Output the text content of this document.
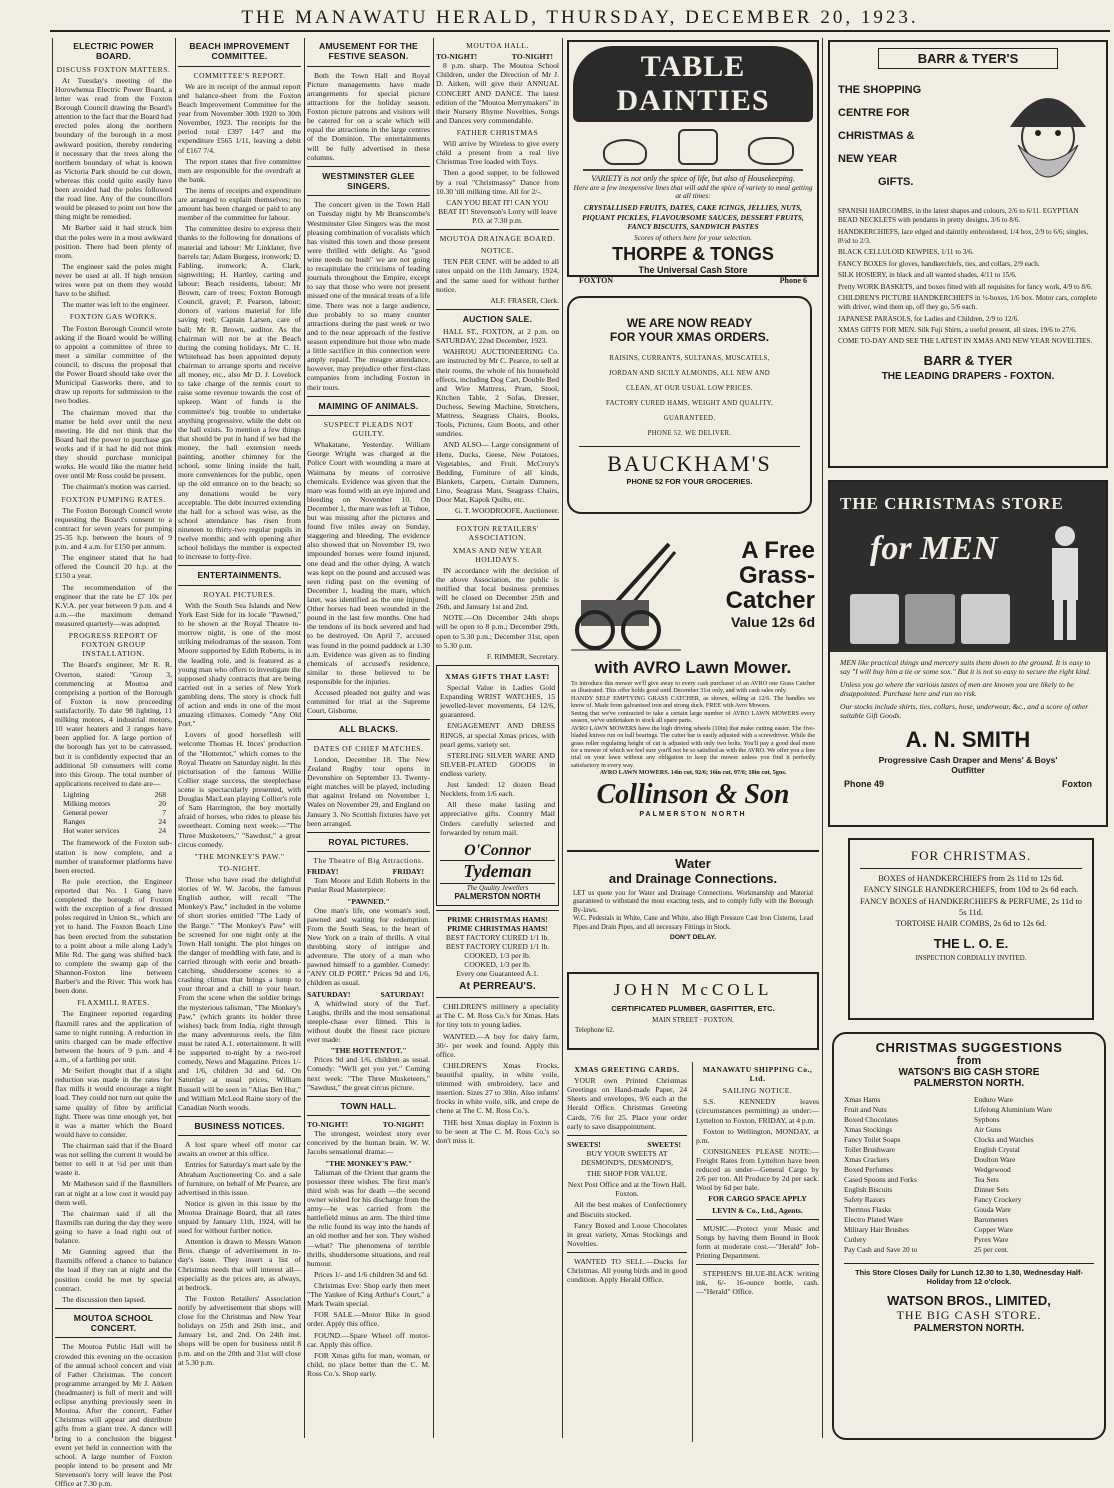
THE MANAWATU HERALD, THURSDAY, DECEMBER 20, 1923.
ELECTRIC POWER BOARD.
DISCUSS FOXTON MATTERS.

At Tuesday's meeting of the Horowhenua Electric Power Board, a letter was read from the Foxton Borough Council drawing the Board's attention to the fact that the Board had erected poles along the northern boundary of the borough in a most awkward position, thereby rendering it necessary that the trees along the northern boundary of what is known as Victoria Park should be cut down, whereas this could quite easily have been avoided had the poles followed the road line. Any of the councillors would be pleased to point out how the thing might be remedied.

Mr Barber said it had struck him that the poles were in a most awkward position. There had been plenty of room.

The engineer said the poles might never be used at all. If high tension wires were put on them they would have to be shifted.

The matter was left to the engineer.

FOXTON GAS WORKS.

The Foxton Borough Council wrote asking if the Board would be willing to appoint a committee of three to meet a similar committee of the council, to discuss the proposal that the Power Board should take over the Municipal Gasworks there, and to draw up reports for submission to the two bodies.

The chairman moved that the matter be held over until the next meeting. He did not think that the Board had the power to purchase gas works and if it had he did not think they should purchase municipal works. He would like the matter held over until Mr Ross could be present.

The chairman's motion was carried.

FOXTON PUMPING RATES.

The Foxton Borough Council wrote requesting the Board's consent to a contract for seven years for pumping 25-35 h.p. between the hours of 9 p.m. and 4 a.m. for £150 per annum.

The engineer stated that he had offered the Council 20 h.p. at the £150 a year.

The recommendation of the engineer that the rate be £7 10s per K.V.A. per year between 9 p.m. and 4 a.m.—the maximum demand measured quarterly—was adopted.

PROGRESS REPORT OF FOXTON GROUP INSTALLATION.

The Board's engineer, Mr R. R. Overton, stated: "Group 3, commencing at Moutoa and comprising a portion of the Borough of Foxton is now proceeding satisfactorily. To date 98 lighting, 11 milking motors, 4 industrial motors, 10 water heaters and 3 ranges have been applied for. A large portion of the borough has yet to be canvassed, but it is confidently expected that an additional 50 consumers will come into this Group. The total number of applications received to date are—

Lighting	268
Milking motors	20
General power	7
Ranges	24
Hot water services	24

The framework of the Foxton sub-station is now complete, and a number of transformer platforms have been erected.

Re pole erection, the Engineer reported that No. 1 Gang have completed the borough of Foxton with the exception of a few dressed poles required in Union St., which are yet to hand. The Foxton Beach Line has been erected from the substation to a point about a mile along Lady's Mile Rd. The gang was shifted back to complete the swamp gap of the Shannon-Foxton line between Barber's and the River. This work has been done.

FLAXMILL RATES.

The Engineer reported regarding flaxmill rates and the application of same to night running. A reduction in units charged can be made effective between the hours of 9 p.m. and 4 a.m., of a farthing per unit.

Mr Seifert thought that if a slight reduction was made in the rates for flax mills it would encourage a night load. They could not turn out quite the same quality of fibre by artificial light. There was time enough yet, but it was a matter which the Board would have to consider.

The chairman said that if the Board was not selling the current it would be better to sell it at ½d per unit than waste it.

Mr Matheson said if the flaxmillers ran at night at a low cost it would pay them well.

The chairman said if all the flaxmills ran during the day they were going to have a load right out of balance.

Mr Gunning agreed that the flaxmills offered a chance to balance the load if they ran at night and the position could be met by special contract.

The discussion then lapsed.

MOUTOA SCHOOL CONCERT.

The Moutoa Public Hall will be crowded this evening on the occasion of the annual school concert and visit of Father Christmas. The concert programme arranged by Mr J. Aitken (headmaster) is full of merit and will eclipse anything previously seen in Moutoa. After the concert, Father Christmas will appear and distribute gifts from a giant tree. A dance will bring to a conclusion the biggest event yet held in connection with the school. A large number of Foxton people intend to be present and Mr Stevenson's lorry will leave the Post Office at 7.30 p.m.

BEACH IMPROVEMENT COMMITTEE.
COMMITTEE'S REPORT.

We are in receipt of the annual report and balance-sheet from the Foxton Beach Improvement Committee for the year from November 30th 1920 to 30th November, 1923. The receipts for the period total £397 14/7 and the expenditure £565 1/11, leaving a debit of £167 7/4.

The report states that five committee men are responsible for the overdraft at the bank.

The items of receipts and expenditure are arranged to explain themselves; no amount has been charged or paid to any member of the committee for labour.

The committee desire to express their thanks to the following for donations of material and labour: Mr Linklater, five barrels tar; Adam Burgess, ironwork; D. Fabling, ironwork; A. Clark, signwriting; H. Hartley, carting and labour; Beach residents, labour; Mr Brown, care of trees; Foxton Borough Council, gravel; P. Pearson, labour; donors of various material for life saving reel; Captain Larsen, care of ball; Mr R. Brown, auditor. As the chairman will not be at the Beach during the coming holidays, Mr C. H. Whitehead has been appointed deputy chairman to arrange sports and receive all money, etc., also Mr D. J. Lovelock to take charge of the tennis court to raise some revenue towards the cost of upkeep. Want of funds is the committee's big trouble to undertake anything progressive, while the debt on the hall exists. To mention a few things that should be put in hand if we had the money, the hall extension needs painting, another chimney for the school, some lining inside the hall, more conveniences for the public, open up the old entrance on to the beach; so any donations would be very acceptable. The debt incurred extending the hall for a school was wise, as the school attendance has risen from nineteen to thirty-two regular pupils in twelve months; and with opening after school holidays the number is expected to increase to forty-five.

ENTERTAINMENTS.
ROYAL PICTURES.

With the South Sea Islands and New York East Side for its locale "Pawned," to be shown at the Royal Theatre to-morrow night, is one of the most striking melodramas of the season. Tom Moore supported by Edith Roberts, is in the leading role, and is featured as a young man who offers to investigate the supposed shady contracts that are being carried out in a series of New York gambling dens. The story is chock full of action and ends in one of the most amazing climaxes. Comedy "Any Old Port."

Lovers of good horseflesh will welcome Thomas H. Inces' production of the "Hottentot," which comes to the Royal Theatre on Saturday night. In this picturisation of the famous Willie Collier stage success, the steeplechase scene is spectacularly presented, with Douglas MacLean playing Collier's role of Sam Harrington, the boy mortally afraid of horses, who rides to please his sweetheart. Coming next week:—"The Three Musketeers," "Sawdust," a great circus comedy.

"THE MONKEY'S PAW."
TO-NIGHT.

Those who have read the delightful stories of W. W. Jacobs, the famous English author, will recall "The Monkey's Paw," included in the volume of short stories entitled "The Lady of the Barge." "The Monkey's Paw" will be screened for one night only at the Town Hall tonight. The plot hinges on the danger of meddling with fate, and is carried through with eerie and breath-catching, shuddersome scenes to a crashing climax that brings a lump to your throat and a chill to your heart. From the scene when the soldier brings the mysterious talisman, "The Monkey's Paw," (which grants its holder three wishes) back from India, right through the many adventurous reels, the film must be rated A.1. entertainment. It will be supported to-night by a two-reel comedy, News and Magazine. Prices 1/- and 1/6, children 3d and 6d. On Saturday at usual prices, William Russell will be seen in "Alias Ben Hur," and William McLeod Raine story of the Canadian North woods.

BUSINESS NOTICES.

A lost spare wheel off motor car awaits an owner at this office.

Entries for Saturday's mart sale by the Abraham Auctioneering Co. and a sale of furniture, on behalf of Mr Pearce, are advertised in this issue.

Notice is given in this issue by the Moutoa Drainage Board, that all rates unpaid by January 11th, 1924, will be sued for without further notice.

Attention is drawn to Messrs Watson Bros. change of advertisement in to-day's issue. They insert a list of Christmas needs that will interest all—especially as the prices are, as always, at bedrock.

The Foxton Retailers' Association notify by advertisement that shops will close for the Christmas and New Year holidays on 25th and 26th inst., and January 1st, and 2nd. On 24th inst. shops will be open for business until 8 p.m. and on the 20th and 31st will close at 5.30 p.m.

AMUSEMENT FOR THE FESTIVE SEASON.

Both the Town Hall and Royal Picture managements have made arrangements for special picture attractions for the holiday season. Foxton picture patrons and visitors will be catered for on a scale which will equal the attractions in the large centres of the Dominion. The entertainments will be fully advertised in these columns.

WESTMINSTER GLEE SINGERS.

The concert given in the Town Hall on Tuesday night by Mr Branscombe's Westminster Glee Singers was the most pleasing combination of vocalists which has visited this town and those present were thrilled with delight. As "good wine needs no bush" we are not going to recapitulate the criticisms of leading journals throughout the Empire, except to say that those who were not present missed one of the musical treats of a life time. There was not a large audience, due probably to so many counter attractions during the past week or two and to the near approach of the festive season expenditure but those who made a little sacrifice in this connection were amply repaid. The meagre attendance, however, may prejudice other first-class companies from including Foxton in their tours.

MAIMING OF ANIMALS.
SUSPECT PLEADS NOT GUILTY.

Whakatane, Yesterday. William George Wright was charged at the Police Court with wounding a mare at Waimana by means of corrosive chemicals. Evidence was given that the mare was found with an eye injured and bleeding on November 10. On December 1, the mare was left at Tuhoe, but was missing after the pictures and found five miles away on Sunday, staggering and bleeding. The evidence also showed that on November 19, two impounded horses were found injured, one dead and the other dying. A watch was kept on the pound and accused was seen riding past on the evening of December 1, leading the mare, which later, was identified as the one injured. Other horses had been wounded in the pound in the last few months. One had the tendons of its hock severed and had to be destroyed. On April 7, accused was found in the pound paddock at 1.30 a.m. Evidence was given as to finding chemicals of accused's residence, similar to those believed to be responsible for the injuries.

Accused pleaded not guilty and was committed for trial at the Supreme Court, Gisborne.

ALL BLACKS.
DATES OF CHIEF MATCHES.

London, December 18. The New Zealand Rugby tour opens in Devonshire on September 13. Twenty-eight matches will be played, including that against Ireland on November 1, Wales on November 29, and England on January 3. No Scottish fixtures have yet been arranged.

ROYAL PICTURES.
The Theatre of Big Attractions.
FRIDAY!	FRIDAY!

Tom Moore and Edith Roberts in the Punlar Read Masterpiece:

"PAWNED."

One man's life, one woman's soul, pawned and waiting for redemption. From the South Seas, to the heart of New York on a train of thrills. A vital throbbing story of intrigue and adventure. The story of a man who pawned himself to a gambler. Comedy: "ANY OLD PORT." Prices 9d and 1/6, children as usual.

SATURDAY!	SATURDAY!

A whirlwind story of the Turf. Laughs, thrills and the most sensational steeple-chase ever filmed. This is without doubt the finest race picture ever made:

"THE HOTTENTOT."

Prices 9d and 1/6, children as usual. Comedy: "We'll get you yet." Coming next week: "The Three Musketeers," "Sawdust," the great circus picture.

TOWN HALL.
TO-NIGHT!	TO-NIGHT!

The strongest, weirdest story ever conceived by the human brain. W. W. Jacobs sensational drama:—

"THE MONKEY'S PAW."

Talisman of the Orient that grants the possessor three wishes. The first man's third wish was for death —the second owner wished for his discharge from the army—he was carried from the battlefield minus an arm. The third time the relic found its way into the hands of an old mother and her son. They wished —what? The phenomena of terrible thrills, shuddersome situations, and real humour.

Prices 1/- and 1/6 children 3d and 6d.

Christmas Eve: Shop early then meet "The Yankee of King Arthur's Court," a Mark Twain special.

FOR SALE.—Motor Bike in good order. Apply this office.

FOUND.—Spare Wheel off motor-car. Apply this office.

FOR Xmas gifts for man, woman, or child, no place better than the C. M. Ross Co.'s. Shop early.

MOUTOA HALL.
TO-NIGHT!	TO-NIGHT!

8 p.m. sharp. The Moutoa School Children, under the Direction of Mr J. D. Aitken, will give their ANNUAL CONCERT AND DANCE. The latest edition of the "Moutoa Merrymakers" in their Nursery Rhyme Novelties, Songs and Dances very commendable.

FATHER CHRISTMAS

Will arrive by Wireless to give every child a present from a real live Christmas Tree loaded with Toys.

Then a good supper, to be followed by a real "Christmassy" Dance from 10.30 'till milking time. All for 2/-.

CAN YOU BEAT IT! CAN YOU BEAT IT! Stevenson's Lorry will leave P.O. at 7.30 p.m.

MOUTOA DRAINAGE BOARD.
NOTICE.

TEN PER CENT. will be added to all rates unpaid on the 11th January, 1924, and the same sued for without further notice.

ALF. FRASER, Clerk.

AUCTION SALE.

HALL ST., FOXTON, at 2 p.m. on SATURDAY, 22nd December, 1923.

WAHROU AUCTIONEERING Co. are instructed by Mr C. Pearce, to sell at their rooms, the whole of his household effects, including Dog Cart, Double Bed and Wire Mattress, Pram, Stool, Kitchen Table, 2 Sofas, Dresser, Duchess, Sewing Machine, Stretchers, Mattress, Seagrass Chairs, Books, Tools, Pictures, Gum Boots, and other sundries.

AND ALSO— Large consignment of Hens, Ducks, Geese, New Potatoes, Vegetables, and Fruit. McCrory's Bedding, Furniture of all kinds, Blankets, Carpets, Curtain Damners, Lino, Seagrass Mats, Seagrass Chairs, Door Mat, Kapok Quilts, etc.

G. T. WOODROOFE, Auctioneer.

FOXTON RETAILERS' ASSOCIATION.
XMAS AND NEW YEAR HOLIDAYS.

IN accordance with the decision of the above Association, the public is notified that local business premises will be closed on December 25th and 26th, and January 1st and 2nd.

NOTE.—On December 24th shops will be open to 8 p.m.; December 29th, open to 5.30 p.m.; December 31st, open to 5.30 p.m.

F. RIMMER, Secretary.

XMAS GIFTS THAT LAST!

Special Value in Ladies Gold Expanding WRIST WATCHES, 15 jewelled-lever movements, £4 12/6, guaranteed.

ENGAGEMENT AND DRESS RINGS, at special Xmas prices, with pearl gems, variety set.

STERLING SILVER WARE AND SILVER-PLATED GOODS in endless variety.

Just landed: 12 dozen Bead Necklets, from 1/6 each.

All these make lasting and appreciative gifts. Country Mail Orders carefully selected and forwarded by return mail.

O'Connor
Tydeman
The Quality Jewellers
PALMERSTON NORTH
PRIME CHRISTMAS HAMS!
PRIME CHRISTMAS HAMS!
BEST FACTORY CURED 1/1 lb.
BEST FACTORY CURED 1/1 lb.
COOKED, 1/3 per lb.
COOKED, 1/3 per lb.
Every one Guaranteed A.1.
At PERREAU'S.

CHILDREN'S millinery a speciality at The C. M. Ross Co.'s for Xmas. Hats for tiny tots to young ladies.

WANTED.—A boy for dairy farm, 30/- per week and found. Apply this office.

CHILDREN'S Xmas Frocks, beautiful quality, in white voile, trimmed with embroidery, lace and insertion. Sizes 27 to 30in. Also infants' frocks in white voile, silk, and crepe de chene at The C. M. Ross Co.'s.

THE best Xmas display in Foxton is to be seen at The C. M. Ross Co.'s so don't miss it.

TABLE DAINTIES
VARIETY is not only the spice of life, but also of Housekeeping.
Here are a few inexpensive lines that will add the spice of variety to meal getting at all times:
CRYSTALLISED FRUITS, DATES, CAKE ICINGS, JELLIES, NUTS, PIQUANT PICKLES, FLAVOURSOME SAUCES, DESSERT FRUITS, FANCY BISCUITS, SANDWICH PASTES
Scores of others here for your selection.
THORPE & TONGS
The Universal Cash Store
FOXTON	Phone 6
WE ARE NOW READY
FOR YOUR XMAS ORDERS.
RAISINS, CURRANTS, SULTANAS, MUSCATELS,
JORDAN AND SICILY ALMONDS, ALL NEW AND
CLEAN, AT OUR USUAL LOW PRICES.
FACTORY CURED HAMS, WEIGHT AND QUALITY,
GUARANTEED.
PHONE 52. WE DELIVER.
BAUCKHAM'S
PHONE 52 FOR YOUR GROCERIES.
A Free
Grass-
Catcher
Value 12s 6d
with AVRO Lawn Mower.

To introduce this mower we'll give away to every cash purchaser of an AVRO one Grass Catcher as illustrated. This offer holds good until December 31st only, and with cash sales only.

HANDY SELF EMPTYING GRASS CATCHER, as shown, selling at 12/6. The handles we know of. Made from galvanised iron and strong duck. FREE with Avro Mowers.

Seeing that we've contracted to take a certain large number of AVRO LAWN MOWERS every season, we've undertaken to stock all spare parts.

AVRO LAWN MOWERS have the high driving wheels (10in) that make cutting easier. The five-bladed knives run on ball bearings. The cutter bar is easily adjusted with a screwdriver. While the grass roller regulating height of cut is adjusted with only two bolts. You'll pay a good deal more for a mower of which we feel sure you'll not be so satisfied as with the AVRO. We offer you a free trial on your lawn without any obligation to keep the mower unless you find it perfectly satisfactory in every way.

AVRO LAWN MOWERS. 14in cut, 92/6; 16in cut, 97/6; 18in cut, 5gns.

Collinson & Son
PALMERSTON NORTH
Water
and Drainage Connections.

LET us quote you for Water and Drainage Connections. Workmanship and Material guaranteed to withstand the most exacting tests, and to comply fully with the Borough By-laws.

W.C. Pedestals in White, Cane and White, also High Pressure Cast Iron Cisterns, Lead Pipes and Drain Pipes, and all necessary Fittings in Stock.

DON'T DELAY.

JOHN McCOLL
CERTIFICATED PLUMBER, GASFITTER, ETC.
MAIN STREET · FOXTON.
Telephone 62.
XMAS GREETING CARDS.

YOUR own Printed Christmas Greetings on Hand-made Paper, 24 Sheets and envelopes, 9/6 each at the Herald Office. Christmas Greeting Cards, 7/6 for 25. Place your order early to save disappointment.

SWEETS!	SWEETS!

BUY YOUR SWEETS AT DESMOND'S, DESMOND'S,

THE SHOP FOR VALUE.

Next Post Office and at the Town Hall, Foxton.

All the best makes of Confectionery and Biscuits stocked.

Fancy Boxed and Loose Chocolates in great variety, Xmas Stockings and Novelties.

WANTED TO SELL.—Ducks for Christmas. All young birds and in good condition. Apply Herald Office.

MANAWATU SHIPPING Co., Ltd.
SAILING NOTICE.

S.S. KENNEDY leaves (circumstances permitting) as under:—Lyttelton to Foxton, FRIDAY, at 4 p.m.

Foxton to Wellington, MONDAY, at p.m.

CONSIGNEES PLEASE NOTE:—Freight Rates from Lyttelton have been reduced as under—General Cargo by 2/6 per ton. All Produce by 2d per sack. Wool by 6d per bale.

FOR CARGO SPACE APPLY

LEVIN & Co., Ltd., Agents.

MUSIC.—Protect your Music and Songs by having them Bound in Book form at moderate cost.—"Herald" Job-Printing Department.

STEPHEN'S BLUE-BLACK writing ink, 6/- 16-ounce bottle, cash.—"Herald" Office.

BARR & TYER'S
THE SHOPPING
CENTRE FOR
CHRISTMAS &
NEW YEAR
GIFTS.

SPANISH HAIRCOMBS, in the latest shapes and colours, 2/6 to 6/11. EGYPTIAN BEAD NECKLETS with pendants in pretty designs, 3/6 to 8/6.

HANDKERCHIEFS, lace edged and daintily embroidered, 1/4 box, 2/9 to 6/6; singles, 8½d to 2/3.

BLACK CELLULOID KEWPIES, 1/11 to 3/6.

FANCY BOXES for gloves, handkerchiefs, ties, and collars, 2/9 each.

SILK HOSIERY, in black and all wanted shades, 4/11 to 15/6.

Pretty WORK BASKETS, and boxes fitted with all requisites for fancy work, 4/9 to 8/6.

CHILDREN'S PICTURE HANDKERCHIEFS in ½-boxes, 1/6 box. Motor cars, complete with driver, wind them up, off they go, 5/6 each.

JAPANESE PARASOLS, for Ladies and Children, 2/9 to 12/6.

XMAS GIFTS FOR MEN. Silk Fuji Shirts, a useful present, all sizes, 19/6 to 27/6.

COME TO-DAY AND SEE THE LATEST IN XMAS AND NEW YEAR NOVELTIES.

BARR & TYER
THE LEADING DRAPERS - FOXTON.
THE CHRISTMAS STORE
for MEN

MEN like practical things and mercery suits them down to the ground. It is easy to say "I will buy him a tie or some sox." But it is not so easy to secure the right kind.

Unless you go where the various tastes of men are known you are likely to be disappointed. Purchase here and run no risk.

Our stocks include shirts, ties, collars, hose, underwear, &c., and a score of other suitable Gift Goods.

A. N. SMITH
Progressive Cash Draper and Mens' & Boys' Outfitter
Phone 49	Foxton
FOR CHRISTMAS.

BOXES of HANDKERCHIEFS from 2s 11d to 12s 6d.

FANCY SINGLE HANDKERCHIEFS, from 10d to 2s 6d each.

FANCY BOXES of HANDKERCHIEFS & PERFUME, 2s 11d to 5s 11d.

TORTOISE HAIR COMBS, 2s 6d to 12s 6d.

THE L. O. E.
INSPECTION CORDIALLY INVITED.
CHRISTMAS SUGGESTIONS
from
WATSON'S BIG CASH STORE
PALMERSTON NORTH.
Xmas Hams
Fruit and Nuts
Boxed Chocolates
Xmas Stockings
Fancy Toilet Soaps
Toilet Brushware
Xmas Crackers
Boxed Perfumes
Cased Spoons and Forks
English Biscuits
Safety Razors
Thermos Flasks
Electro Plated Ware
Military Hair Brushes
Cutlery
Pay Cash and Save 20 to
Enduro Ware
Lifelong Aluminium Ware
Sypbons
Air Guns
Clocks and Watches
English Crystal
Doulton Ware
Wedgewood
Tea Sets
Dinner Sets
Fancy Crockery
Gouda Ware
Barometers
Copper Ware
Pyrex Ware
25 per cent.
This Store Closes Daily for Lunch 12.30 to 1.30, Wednesday Half-Holiday from 12 o'clock.
WATSON BROS., LIMITED,
THE BIG CASH STORE.
PALMERSTON NORTH.
